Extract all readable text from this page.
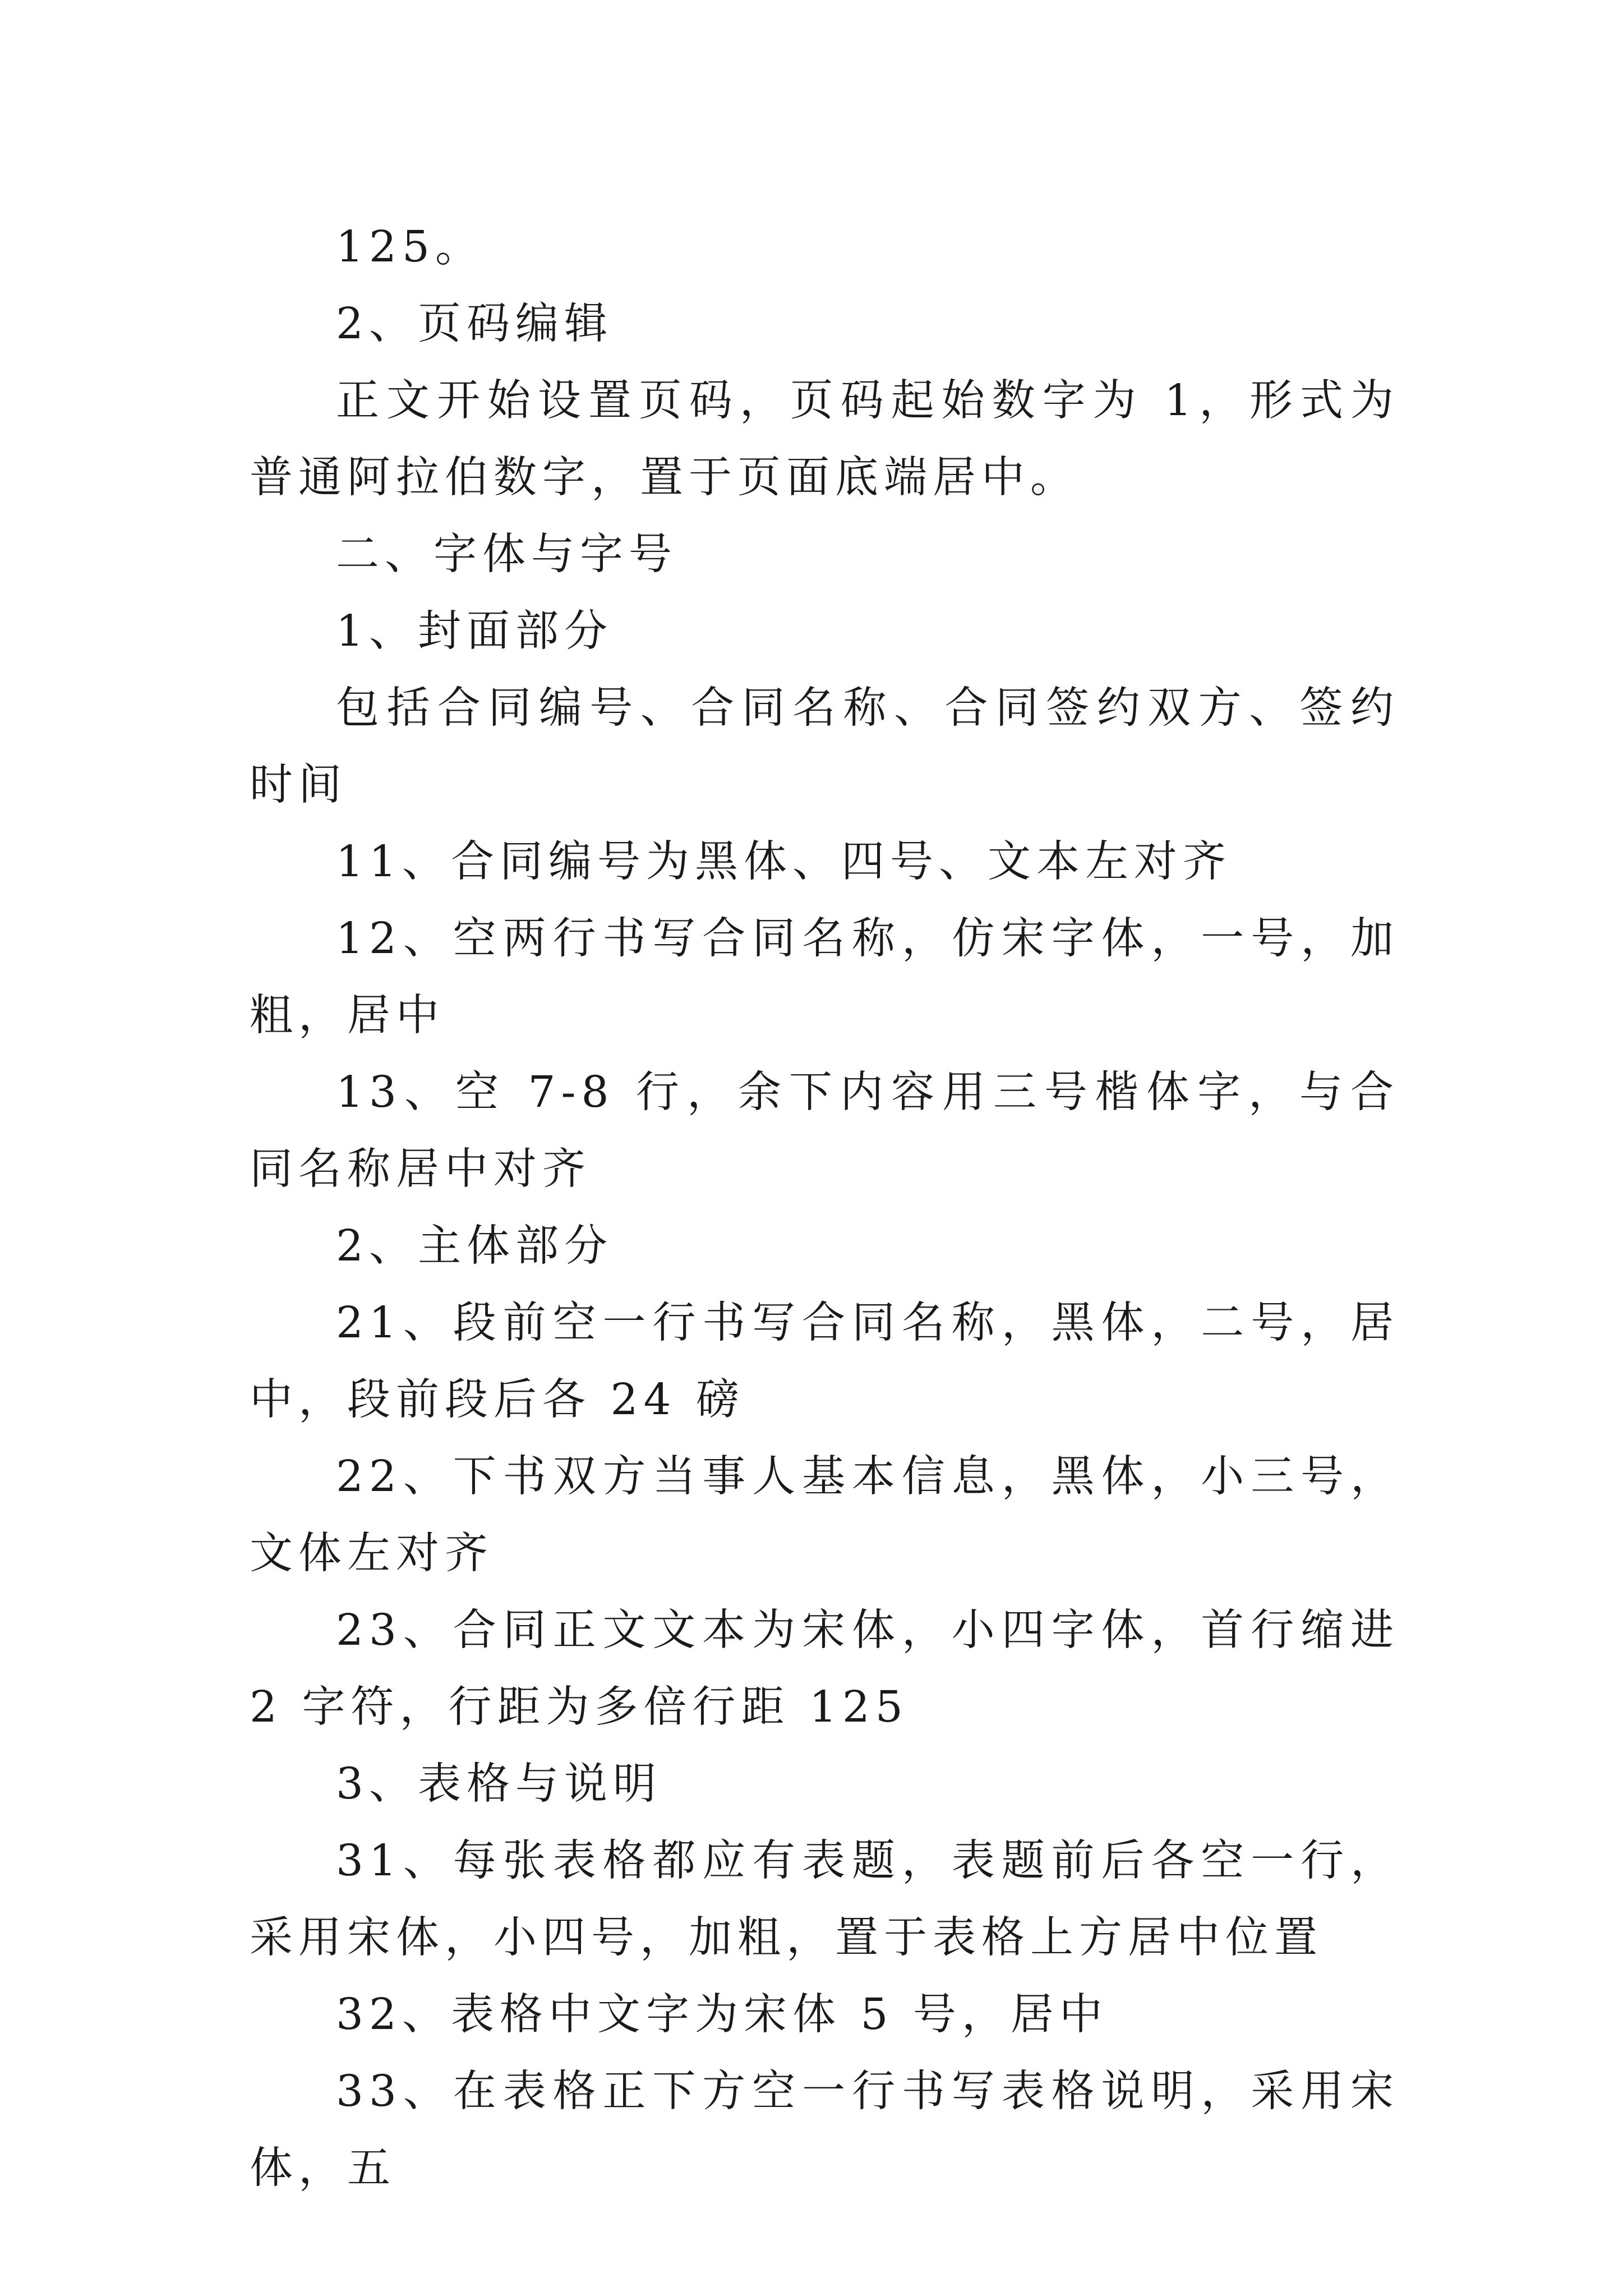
125。

2、页码编辑

正文开始设置页码，页码起始数字为 1，形式为普通阿拉伯数字，置于页面底端居中。

二、字体与字号

1、封面部分

包括合同编号、合同名称、合同签约双方、签约时间

11、合同编号为黑体、四号、文本左对齐

12、空两行书写合同名称，仿宋字体，一号，加粗，居中

13、空 7-8 行，余下内容用三号楷体字，与合同名称居中对齐

2、主体部分

21、段前空一行书写合同名称，黑体，二号，居中，段前段后各 24 磅

22、下书双方当事人基本信息，黑体，小三号，文体左对齐

23、合同正文文本为宋体，小四字体，首行缩进 2 字符，行距为多倍行距 125

3、表格与说明

31、每张表格都应有表题，表题前后各空一行，采用宋体，小四号，加粗，置于表格上方居中位置

32、表格中文字为宋体 5 号，居中

33、在表格正下方空一行书写表格说明，采用宋体，五
